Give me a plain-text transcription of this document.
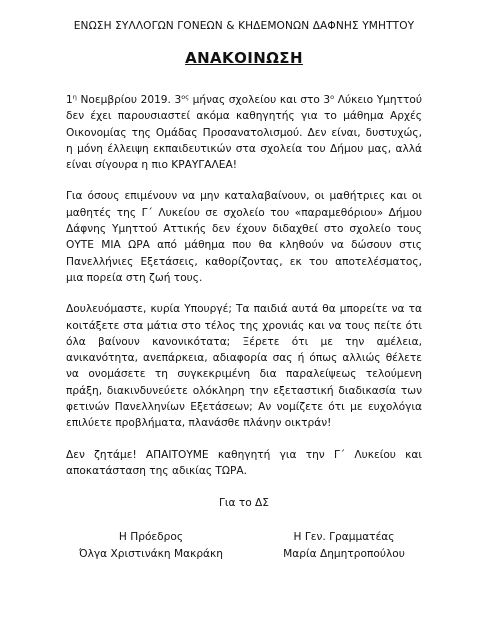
ΕΝΩΣΗ ΣΥΛΛΟΓΩΝ ΓΟΝΕΩΝ & ΚΗΔΕΜΟΝΩΝ ΔΑΦΝΗΣ ΥΜΗΤΤΟΥ

ΑΝΑΚΟΙΝΩΣΗ

$1^\eta$ Νοεμβρίου 2019. $3^{o\varsigma}$ μήνας σχολείου και στο $3^o$ Λύκειο Υμηττού δεν έχει παρουσιαστεί ακόμα καθηγητής για το μάθημα Αρχές Οικονομίας της Ομάδας Προσανατολισμού. Δεν είναι, δυστυχώς, η μόνη έλλειψη εκπαιδευτικών στα σχολεία του Δήμου μας, αλλά είναι σίγουρα η πιο ΚΡΑΥΓΑΛΕΑ!

Για όσους επιμένουν να μην καταλαβαίνουν, οι μαθήτριες και οι μαθητές της Γ΄ Λυκείου σε σχολείο του «παραμεθόριου» Δήμου Δάφνης Υμηττού Αττικής δεν έχουν διδαχθεί στο σχολείο τους ΟΥΤΕ ΜΙΑ ΩΡΑ από μάθημα που θα κληθούν να δώσουν στις Πανελλήνιες Εξετάσεις, καθορίζοντας, εκ του αποτελέσματος, μια πορεία στη ζωή τους.

Δουλευόμαστε, κυρία Υπουργέ; Τα παιδιά αυτά θα μπορείτε να τα κοιτάξετε στα μάτια στο τέλος της χρονιάς και να τους πείτε ότι όλα βαίνουν κανονικότατα; Ξέρετε ότι με την αμέλεια, ανικανότητα, ανεπάρκεια, αδιαφορία σας ή όπως αλλιώς θέλετε να ονομάσετε τη συγκεκριμένη δια παραλείψεως τελούμενη πράξη, διακινδυνεύετε ολόκληρη την εξεταστική διαδικασία των φετινών Πανελληνίων Εξετάσεων; Αν νομίζετε ότι με ευχολόγια επιλύετε προβλήματα, πλανάσθε πλάνην οικτράν!

Δεν ζητάμε! ΑΠΑΙΤΟΥΜΕ καθηγητή για την Γ΄ Λυκείου και αποκατάσταση της αδικίας ΤΩΡΑ.

Για το ΔΣ
Η Πρόεδρος
Όλγα Χριστινάκη Μακράκη
Η Γεν. Γραμματέας
Μαρία Δημητροπούλου
